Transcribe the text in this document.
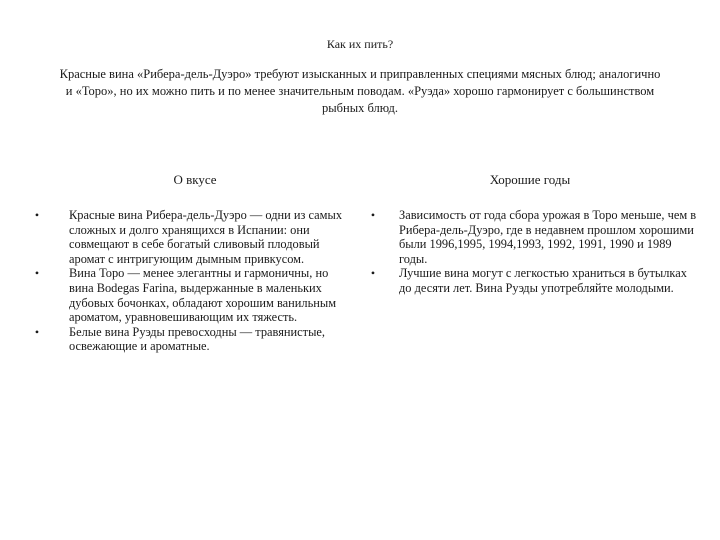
Как их пить?
Красные вина «Рибера-дель-Дуэро» требуют изысканных и приправленных специями мясных блюд; аналогично и «Торо», но их можно пить и по менее значительным поводам. «Руэда» хорошо гармонирует с большинством рыбных блюд.
О вкусе	Хорошие годы
• Красные вина Рибера-дель-Дуэро — одни из самых сложных и долго хранящихся в Испании: они совмещают в себе богатый сливовый плодовый аромат с интригующим дымным привкусом.
• Вина Торо — менее элегантны и гармоничны, но вина Bodegas Farina, выдержанные в маленьких дубовых бочонках, обладают хорошим ванильным ароматом, уравновешивающим их тяжесть.
• Белые вина Руэды превосходны — травянистые, освежающие и ароматные.
• Зависимость от года сбора урожая в Торо меньше, чем в Рибера-дель-Дуэро, где в недавнем прошлом хорошими были 1996,1995, 1994,1993, 1992, 1991, 1990 и 1989 годы.
• Лучшие вина могут с легкостью храниться в бутылках до десяти лет. Вина Руэды употребляйте молодыми.
